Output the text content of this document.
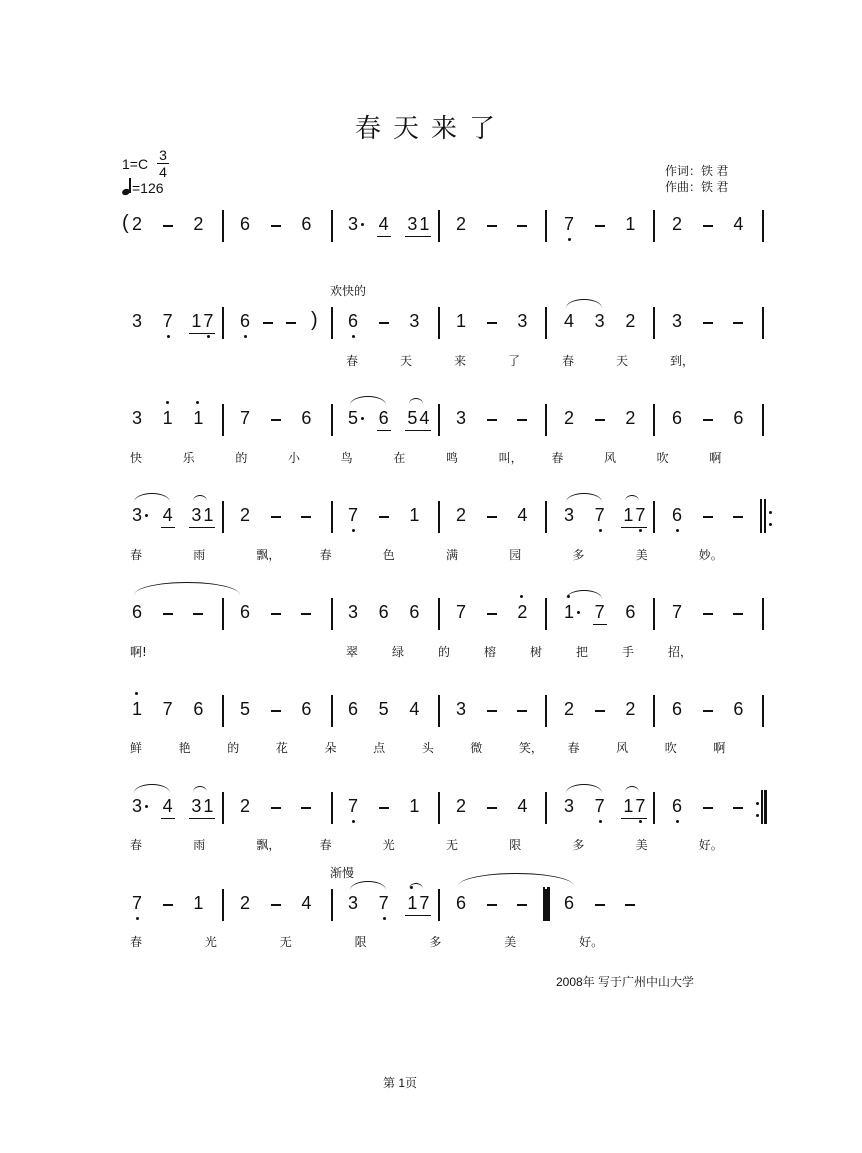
春天来了
1=C
3
4
=126
作词：铁 君
作曲：铁 君
( 2	2 6	6 3 4 3 1 2	7	1 2	4
3 7 1 7 6	) 6	3 1	3 4 3 2 3
春	天	来	了	春	天	到，
3 1 1 7	6 5 6 5 4 3	2	2 6	6
快	乐	的	小	鸟	在	鸣	叫， 春	风	吹	啊
3 4 3 1 2	7	1 2	4 3 7 1 7 6
春	雨	飘，	春	色	满	园	多	美	妙。
6	6	3 6 6 7	2 1 7 6 7
啊!	翠	绿	的	榕	树	把	手	招，
1 7 6 5	6 6 5 4 3	2	2 6	6
鲜	艳	的	花	朵	点	头	微	笑， 春	风	吹	啊
3 4 3 1 2	7	1 2	4 3 7 1 7 6
春	雨	飘，	春	光	无	限	多	美	好。
7	1 2	4 3 7 1 7 6	6
春	光	无	限	多	美	好。
欢快的
渐慢
2008年 写于广州中山大学
第 1页
